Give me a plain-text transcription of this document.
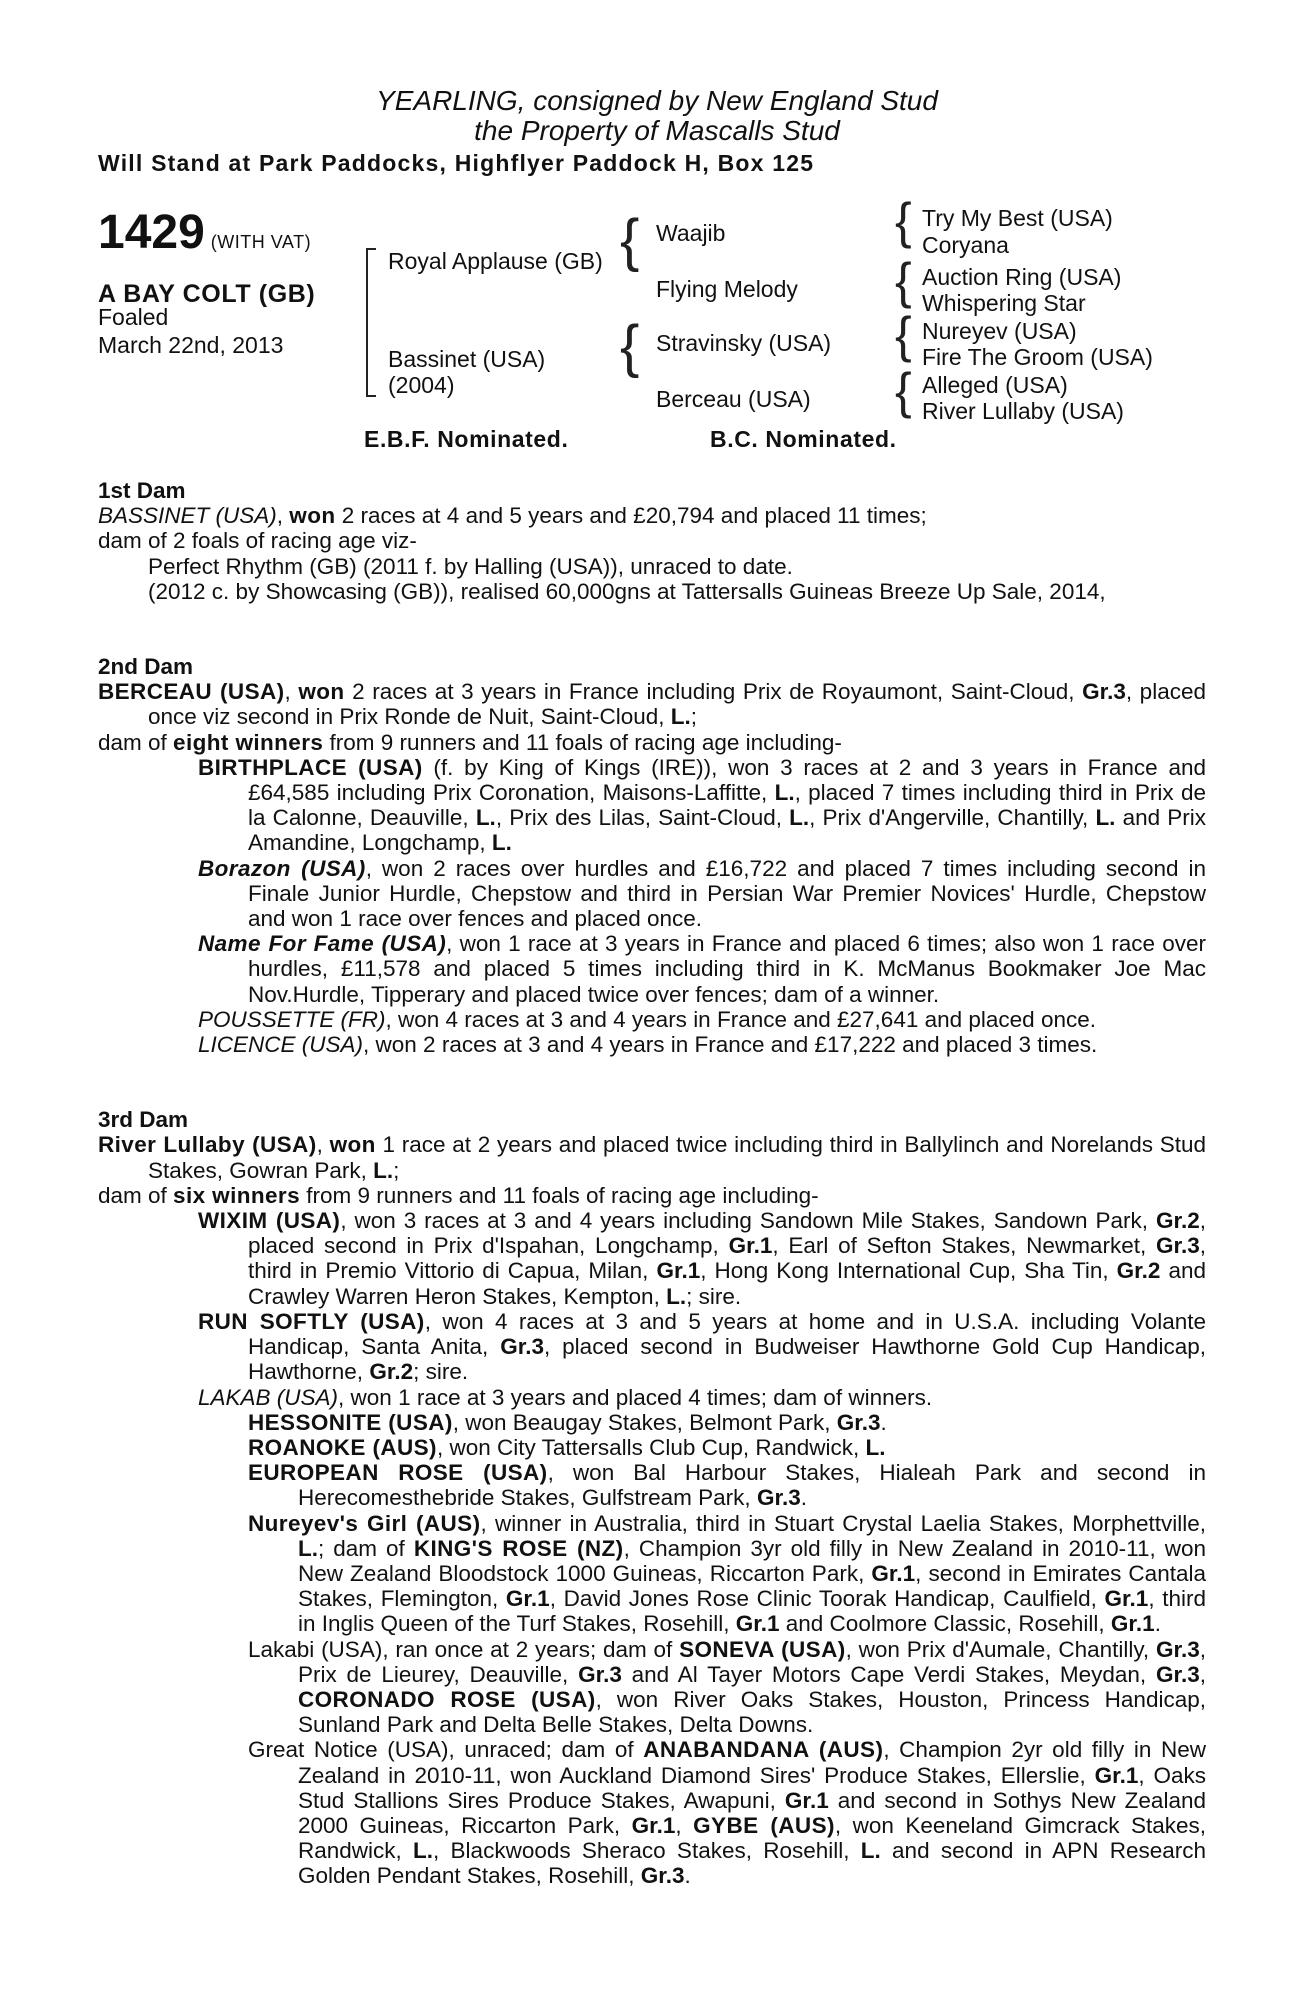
YEARLING, consigned by New England Stud
the Property of Mascalls Stud
Will Stand at Park Paddocks, Highflyer Paddock H, Box 125
1429 (WITH VAT)
A BAY COLT (GB)
Foaled
March 22nd, 2013
Royal Applause (GB)
Bassinet (USA)
(2004)
{ Waajib
Flying Melody
{ Stravinsky (USA)
Berceau (USA)
{ Try My Best (USA)
Coryana
{ Auction Ring (USA)
Whispering Star
{ Nureyev (USA)
Fire The Groom (USA)
{ Alleged (USA)
River Lullaby (USA)
E.B.F. Nominated.	B.C. Nominated.

1st Dam

BASSINET (USA), won 2 races at 4 and 5 years and £20,794 and placed 11 times;

dam of 2 foals of racing age viz-

Perfect Rhythm (GB) (2011 f. by Halling (USA)), unraced to date.

(2012 c. by Showcasing (GB)), realised 60,000gns at Tattersalls Guineas Breeze Up Sale, 2014,

2nd Dam

BERCEAU (USA), won 2 races at 3 years in France including Prix de Royaumont, Saint-Cloud, Gr.3, placed once viz second in Prix Ronde de Nuit, Saint-Cloud, L.;

dam of eight winners from 9 runners and 11 foals of racing age including-

BIRTHPLACE (USA) (f. by King of Kings (IRE)), won 3 races at 2 and 3 years in France and £64,585 including Prix Coronation, Maisons-Laffitte, L., placed 7 times including third in Prix de la Calonne, Deauville, L., Prix des Lilas, Saint-Cloud, L., Prix d'Angerville, Chantilly, L. and Prix Amandine, Longchamp, L.

Borazon (USA), won 2 races over hurdles and £16,722 and placed 7 times including second in Finale Junior Hurdle, Chepstow and third in Persian War Premier Novices' Hurdle, Chepstow and won 1 race over fences and placed once.

Name For Fame (USA), won 1 race at 3 years in France and placed 6 times; also won 1 race over hurdles, £11,578 and placed 5 times including third in K. McManus Bookmaker Joe Mac Nov.Hurdle, Tipperary and placed twice over fences; dam of a winner.

POUSSETTE (FR), won 4 races at 3 and 4 years in France and £27,641 and placed once.

LICENCE (USA), won 2 races at 3 and 4 years in France and £17,222 and placed 3 times.

3rd Dam

River Lullaby (USA), won 1 race at 2 years and placed twice including third in Ballylinch and Norelands Stud Stakes, Gowran Park, L.;

dam of six winners from 9 runners and 11 foals of racing age including-

WIXIM (USA), won 3 races at 3 and 4 years including Sandown Mile Stakes, Sandown Park, Gr.2, placed second in Prix d'Ispahan, Longchamp, Gr.1, Earl of Sefton Stakes, Newmarket, Gr.3, third in Premio Vittorio di Capua, Milan, Gr.1, Hong Kong International Cup, Sha Tin, Gr.2 and Crawley Warren Heron Stakes, Kempton, L.; sire.

RUN SOFTLY (USA), won 4 races at 3 and 5 years at home and in U.S.A. including Volante Handicap, Santa Anita, Gr.3, placed second in Budweiser Hawthorne Gold Cup Handicap, Hawthorne, Gr.2; sire.

LAKAB (USA), won 1 race at 3 years and placed 4 times; dam of winners.

HESSONITE (USA), won Beaugay Stakes, Belmont Park, Gr.3.

ROANOKE (AUS), won City Tattersalls Club Cup, Randwick, L.

EUROPEAN ROSE (USA), won Bal Harbour Stakes, Hialeah Park and second in Herecomesthebride Stakes, Gulfstream Park, Gr.3.

Nureyev's Girl (AUS), winner in Australia, third in Stuart Crystal Laelia Stakes, Morphettville, L.; dam of KING'S ROSE (NZ), Champion 3yr old filly in New Zealand in 2010-11, won New Zealand Bloodstock 1000 Guineas, Riccarton Park, Gr.1, second in Emirates Cantala Stakes, Flemington, Gr.1, David Jones Rose Clinic Toorak Handicap, Caulfield, Gr.1, third in Inglis Queen of the Turf Stakes, Rosehill, Gr.1 and Coolmore Classic, Rosehill, Gr.1.

Lakabi (USA), ran once at 2 years; dam of SONEVA (USA), won Prix d'Aumale, Chantilly, Gr.3, Prix de Lieurey, Deauville, Gr.3 and Al Tayer Motors Cape Verdi Stakes, Meydan, Gr.3, CORONADO ROSE (USA), won River Oaks Stakes, Houston, Princess Handicap, Sunland Park and Delta Belle Stakes, Delta Downs.

Great Notice (USA), unraced; dam of ANABANDANA (AUS), Champion 2yr old filly in New Zealand in 2010-11, won Auckland Diamond Sires' Produce Stakes, Ellerslie, Gr.1, Oaks Stud Stallions Sires Produce Stakes, Awapuni, Gr.1 and second in Sothys New Zealand 2000 Guineas, Riccarton Park, Gr.1, GYBE (AUS), won Keeneland Gimcrack Stakes, Randwick, L., Blackwoods Sheraco Stakes, Rosehill, L. and second in APN Research Golden Pendant Stakes, Rosehill, Gr.3.
